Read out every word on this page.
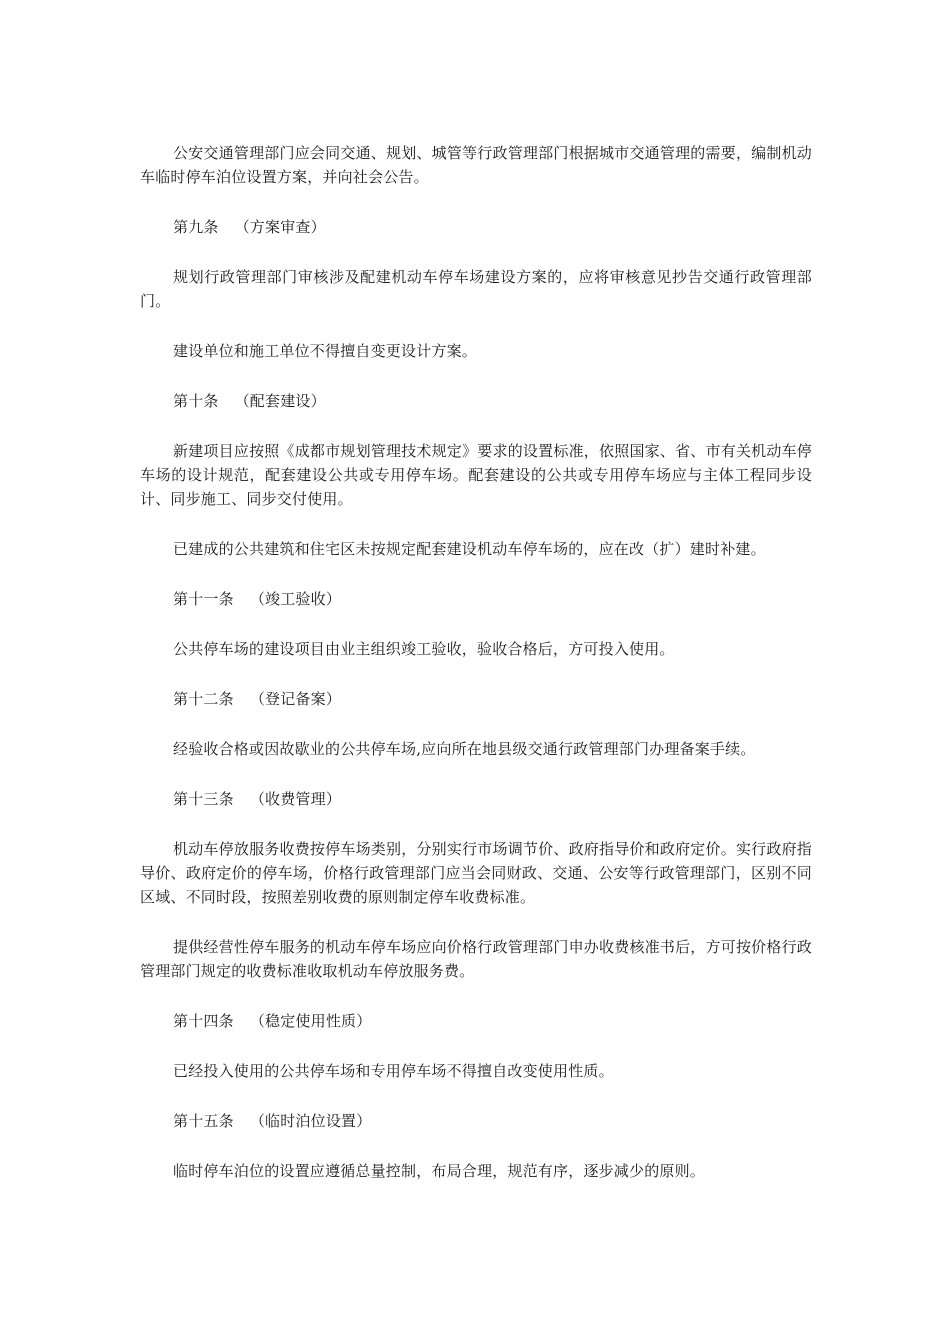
公安交通管理部门应会同交通、规划、城管等行政管理部门根据城市交通管理的需要，编制机动车临时停车泊位设置方案，并向社会公告。

第九条 （方案审查）

规划行政管理部门审核涉及配建机动车停车场建设方案的，应将审核意见抄告交通行政管理部门。

建设单位和施工单位不得擅自变更设计方案。

第十条 （配套建设）

新建项目应按照《成都市规划管理技术规定》要求的设置标准，依照国家、省、市有关机动车停车场的设计规范，配套建设公共或专用停车场。配套建设的公共或专用停车场应与主体工程同步设计、同步施工、同步交付使用。

已建成的公共建筑和住宅区未按规定配套建设机动车停车场的，应在改（扩）建时补建。

第十一条 （竣工验收）

公共停车场的建设项目由业主组织竣工验收，验收合格后，方可投入使用。

第十二条 （登记备案）

经验收合格或因故歇业的公共停车场,应向所在地县级交通行政管理部门办理备案手续。

第十三条 （收费管理）

机动车停放服务收费按停车场类别，分别实行市场调节价、政府指导价和政府定价。实行政府指导价、政府定价的停车场，价格行政管理部门应当会同财政、交通、公安等行政管理部门，区别不同区域、不同时段，按照差别收费的原则制定停车收费标准。

提供经营性停车服务的机动车停车场应向价格行政管理部门申办收费核准书后，方可按价格行政管理部门规定的收费标准收取机动车停放服务费。

第十四条 （稳定使用性质）

已经投入使用的公共停车场和专用停车场不得擅自改变使用性质。

第十五条 （临时泊位设置）

临时停车泊位的设置应遵循总量控制，布局合理，规范有序，逐步减少的原则。
